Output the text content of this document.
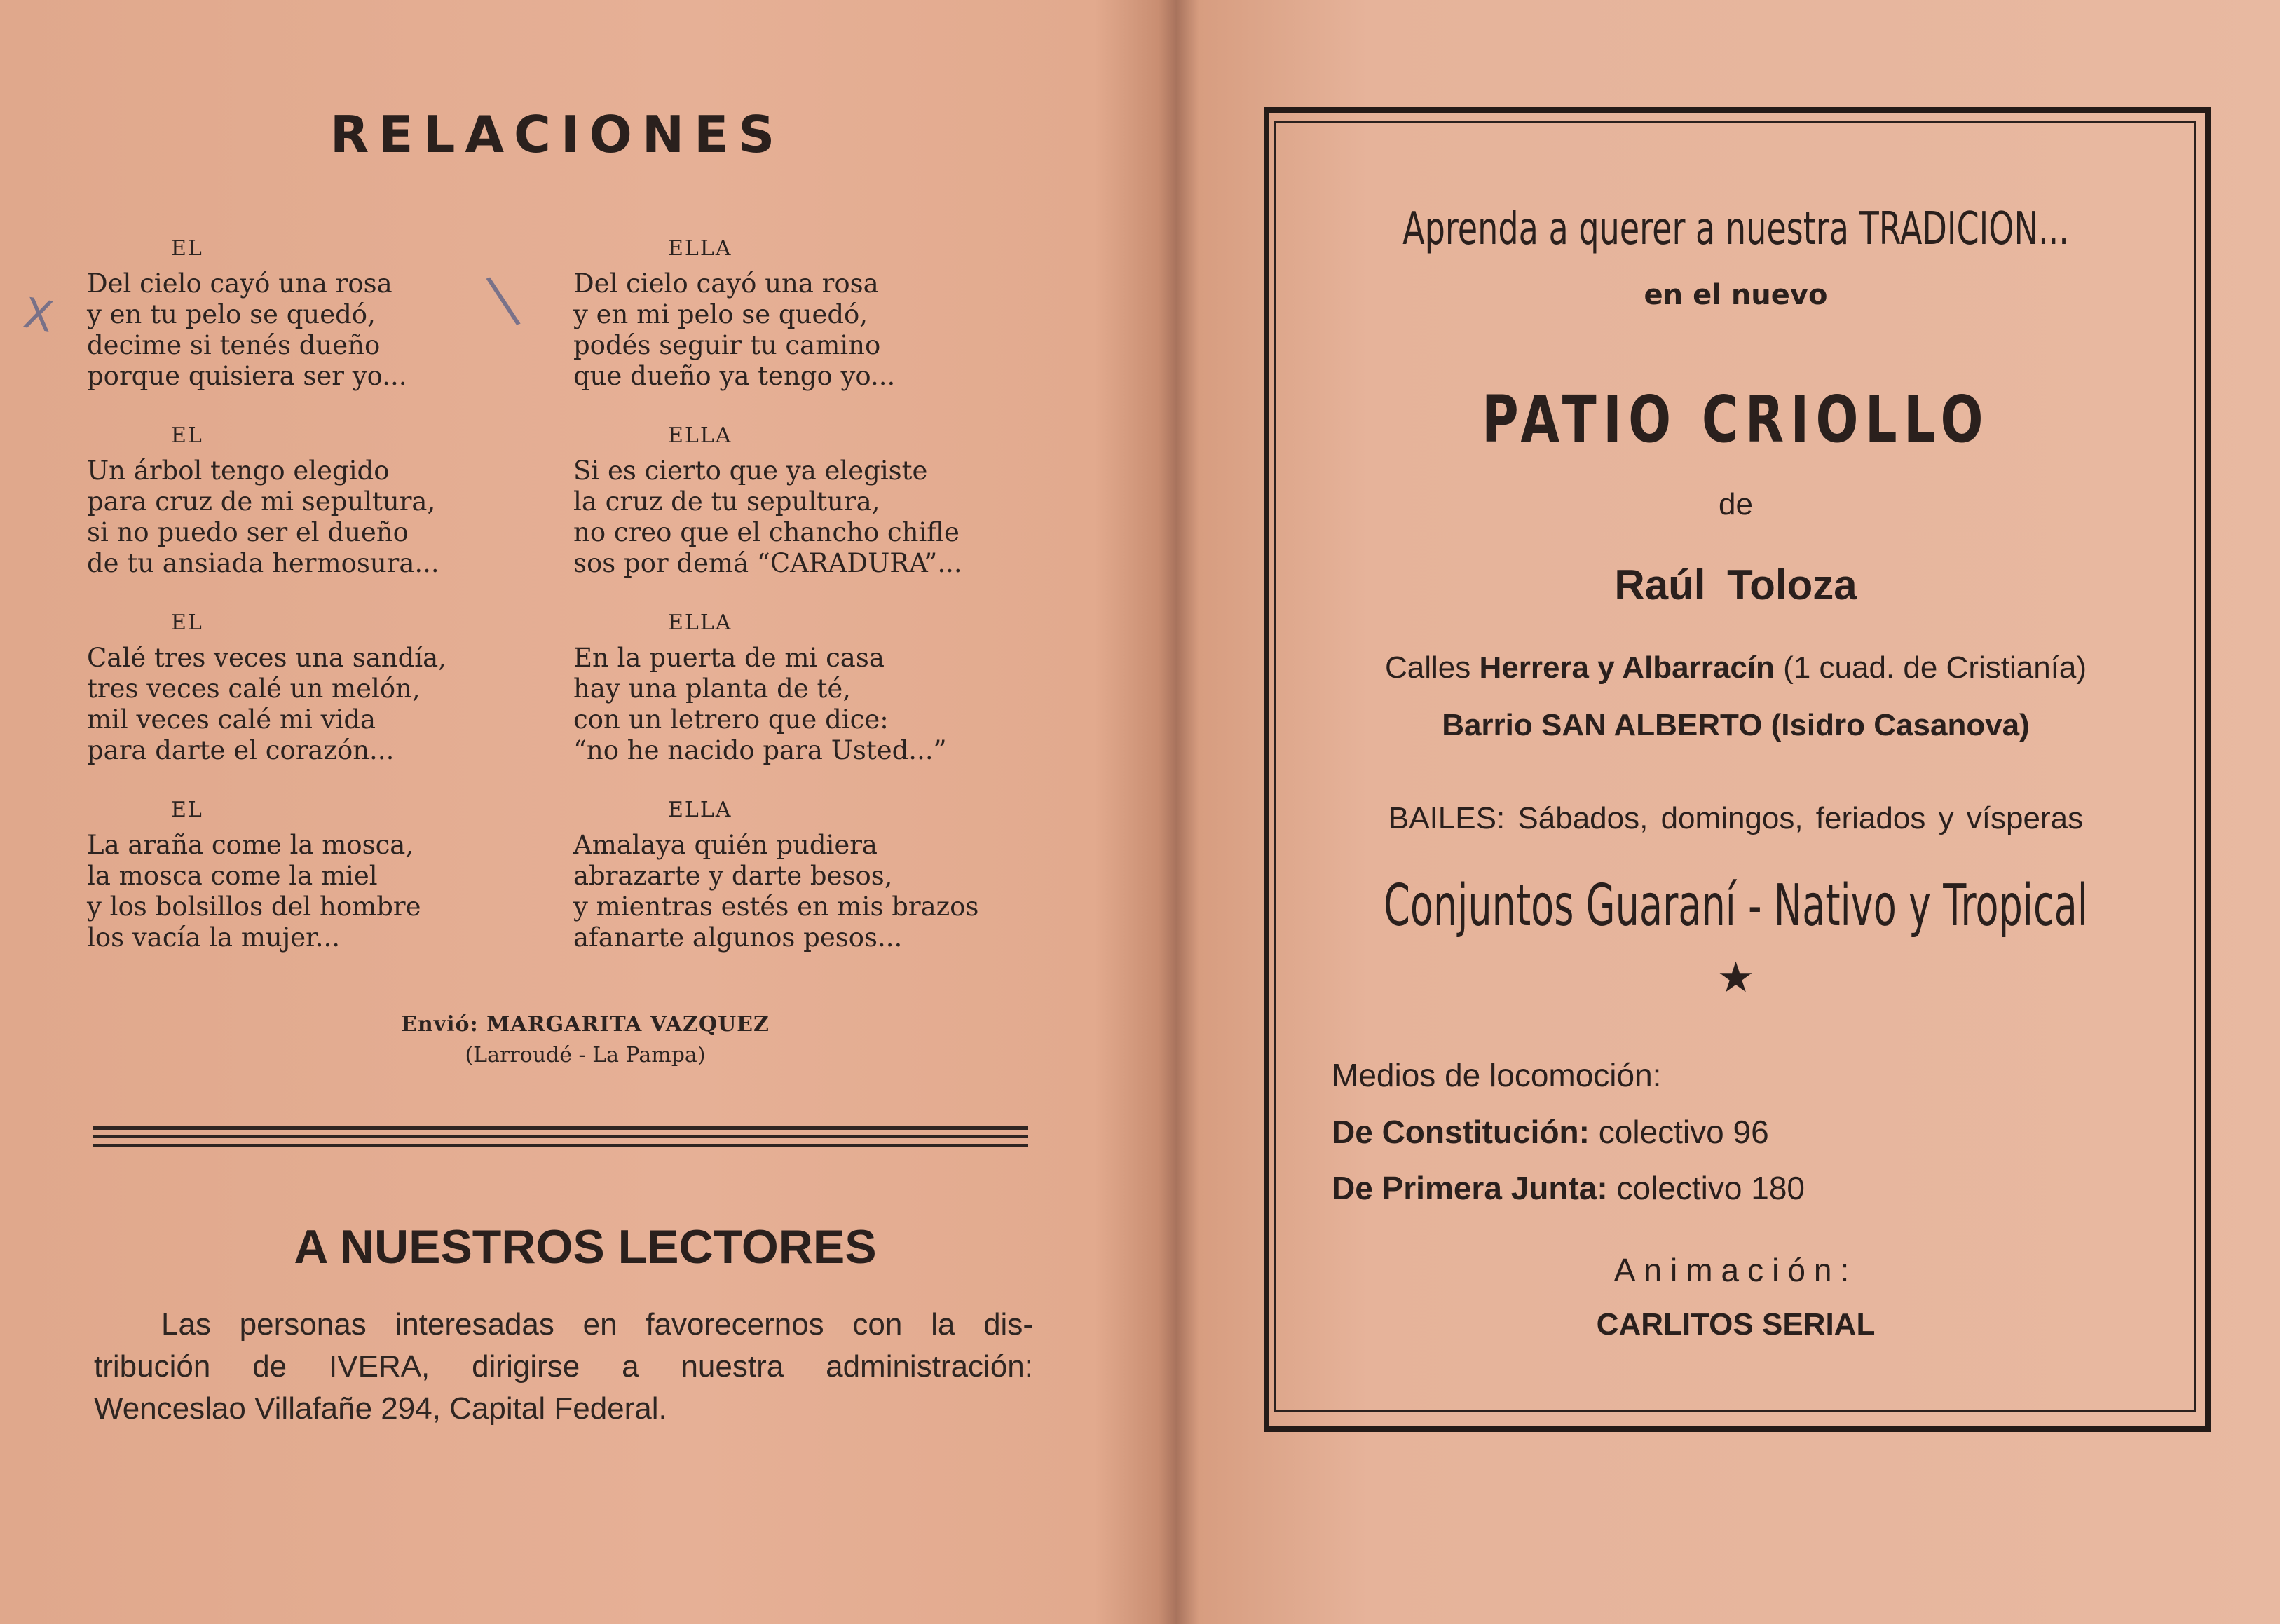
RELACIONES
EL
Del cielo cayó una rosa
y en tu pelo se quedó,
decime si tenés dueño
porque quisiera ser yo...
ELLA
Del cielo cayó una rosa
y en mi pelo se quedó,
podés seguir tu camino
que dueño ya tengo yo...
EL
Un árbol tengo elegido
para cruz de mi sepultura,
si no puedo ser el dueño
de tu ansiada hermosura...
ELLA
Si es cierto que ya elegiste
la cruz de tu sepultura,
no creo que el chancho chifle
sos por demá “CARADURA”...
EL
Calé tres veces una sandía,
tres veces calé un melón,
mil veces calé mi vida
para darte el corazón...
ELLA
En la puerta de mi casa
hay una planta de té,
con un letrero que dice:
“no he nacido para Usted...”
EL
La araña come la mosca,
la mosca come la miel
y los bolsillos del hombre
los vacía la mujer...
ELLA
Amalaya quién pudiera
abrazarte y darte besos,
y mientras estés en mis brazos
afanarte algunos pesos...
Envió: MARGARITA VAZQUEZ
(Larroudé - La Pampa)
A NUESTROS LECTORES
Las personas interesadas en favorecernos con la dis-
tribución de IVERA, dirigirse a nuestra administración:
Wenceslao Villafañe 294, Capital Federal.
X	\
Aprenda a querer a nuestra TRADICION...
en el nuevo
PATIO CRIOLLO
de
Raúl Toloza
Calles Herrera y Albarracín (1 cuad. de Cristianía)
Barrio SAN ALBERTO (Isidro Casanova)
BAILES: Sábados, domingos, feriados y vísperas
Conjuntos Guaraní - Nativo y Tropical
★
Medios de locomoción:
De Constitución: colectivo 96
De Primera Junta: colectivo 180
Animación:
CARLITOS SERIAL
